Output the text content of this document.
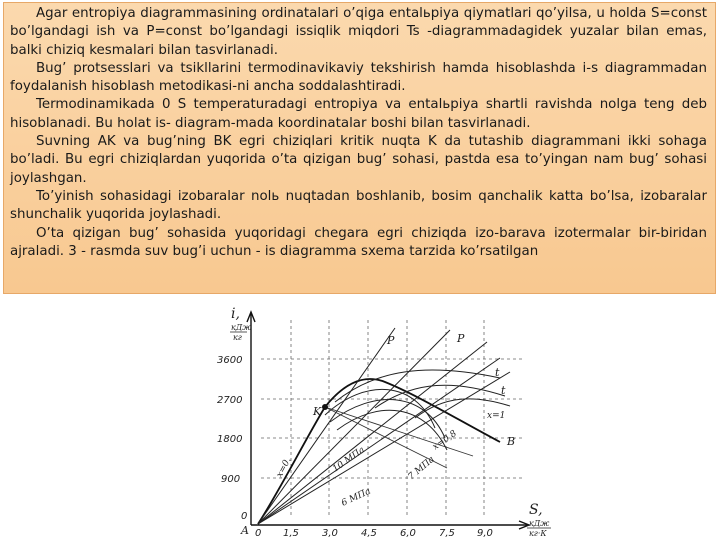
Agar entropiya diagrammasining ordinatalari o’qiga entalьpiya qiymatlari qo’yilsa, u holda S=const bo’lgandagi ish va P=const bo’lgandagi issiqlik miqdori Ts -diagrammadagidek yuzalar bilan emas, balki chiziq kesmalari bilan tasvirlanadi.

Bug’ protsesslari va tsikllarini termodinavikaviy tekshirish hamda hisoblashda i-s diagrammadan foydalanish hisoblash metodikasi-ni ancha soddalashtiradi.

Termodinamikada 0 S temperaturadagi entropiya va entalьpiya shartli ravishda nolga teng deb hisoblanadi. Bu holat is- diagram-mada koordinatalar boshi bilan tasvirlanadi.

Suvning AK va bug’ning BK egri chiziqlari kritik nuqta K da tutashib diagrammani ikki sohaga bo’ladi. Bu egri chiziqlardan yuqorida o’ta qizigan bug’ sohasi, pastda esa to’yingan nam bug’ sohasi joylashgan.

To’yinish sohasidagi izobaralar nolь nuqtadan boshlanib, bosim qanchalik katta bo’lsa, izobaralar shunchalik yuqorida joylashadi.

O’ta qizigan bug’ sohasida yuqoridagi chegara egri chiziqda izo-barava izotermalar bir-biridan ajraladi. 3 - rasmda suv bug’i uchun - is diagramma sxema tarzida ko’rsatilgan

i,
кДж
кг
3600
2700
1800
900
0
0 1,5 3,0 4,5 6,0 7,5 9,0
S,
кДж
кг·К
A
K
B
P	P
t
t
x=1
x=0,8
x=0.	10 MПa
6 MПa
7 MПa
